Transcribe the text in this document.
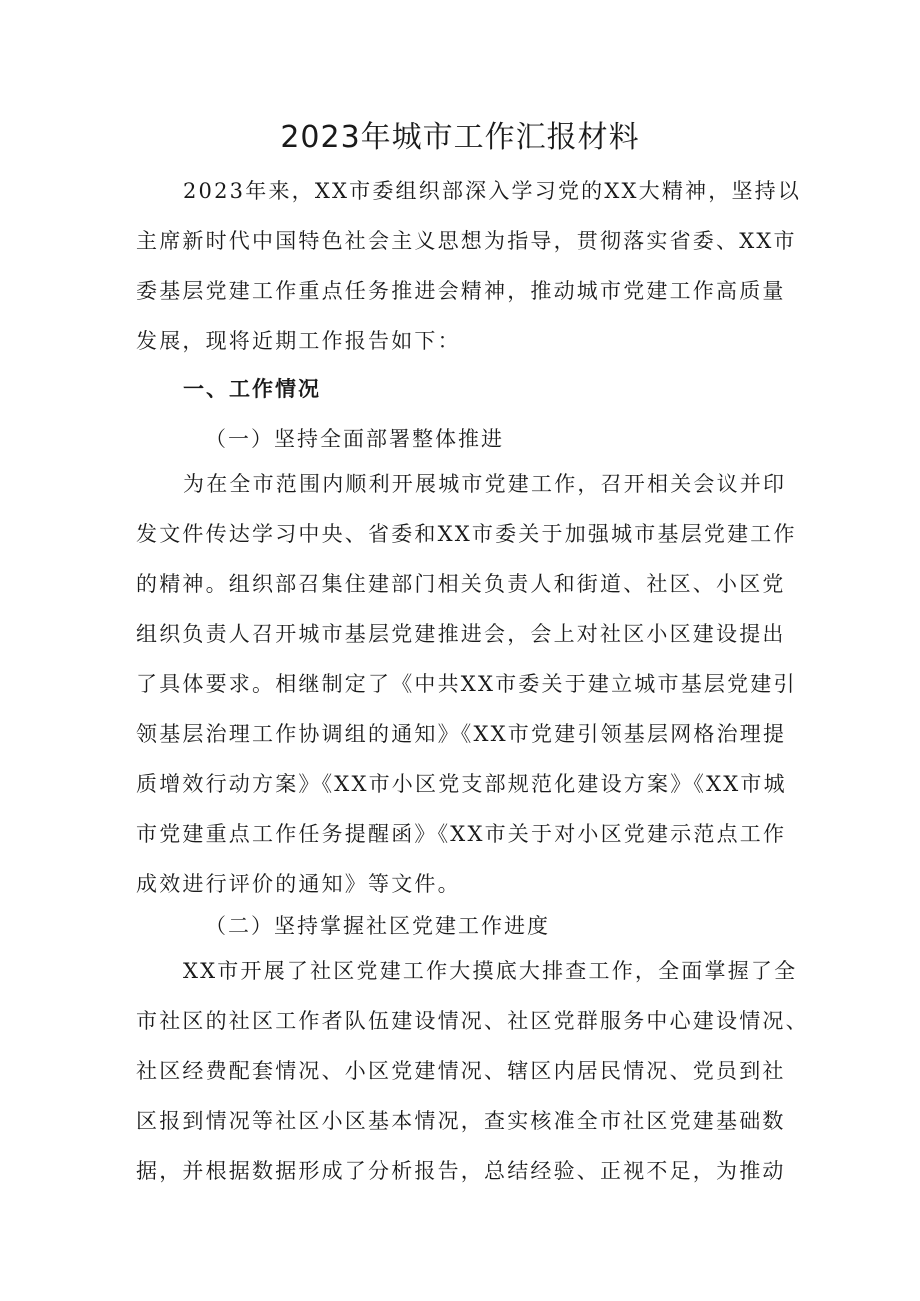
2023年城市工作汇报材料
2023年来，XX市委组织部深入学习党的XX大精神，坚持以
主席新时代中国特色社会主义思想为指导，贯彻落实省委、XX市
委基层党建工作重点任务推进会精神，推动城市党建工作高质量
发展，现将近期工作报告如下：
一、工作情况
（一）坚持全面部署整体推进
为在全市范围内顺利开展城市党建工作，召开相关会议并印
发文件传达学习中央、省委和XX市委关于加强城市基层党建工作
的精神。组织部召集住建部门相关负责人和街道、社区、小区党
组织负责人召开城市基层党建推进会，会上对社区小区建设提出
了具体要求。相继制定了《中共XX市委关于建立城市基层党建引
领基层治理工作协调组的通知》《XX市党建引领基层网格治理提
质增效行动方案》《XX市小区党支部规范化建设方案》《XX市城
市党建重点工作任务提醒函》《XX市关于对小区党建示范点工作
成效进行评价的通知》等文件。
（二）坚持掌握社区党建工作进度
XX市开展了社区党建工作大摸底大排查工作，全面掌握了全
市社区的社区工作者队伍建设情况、社区党群服务中心建设情况、
社区经费配套情况、小区党建情况、辖区内居民情况、党员到社
区报到情况等社区小区基本情况，查实核准全市社区党建基础数
据，并根据数据形成了分析报告，总结经验、正视不足，为推动
